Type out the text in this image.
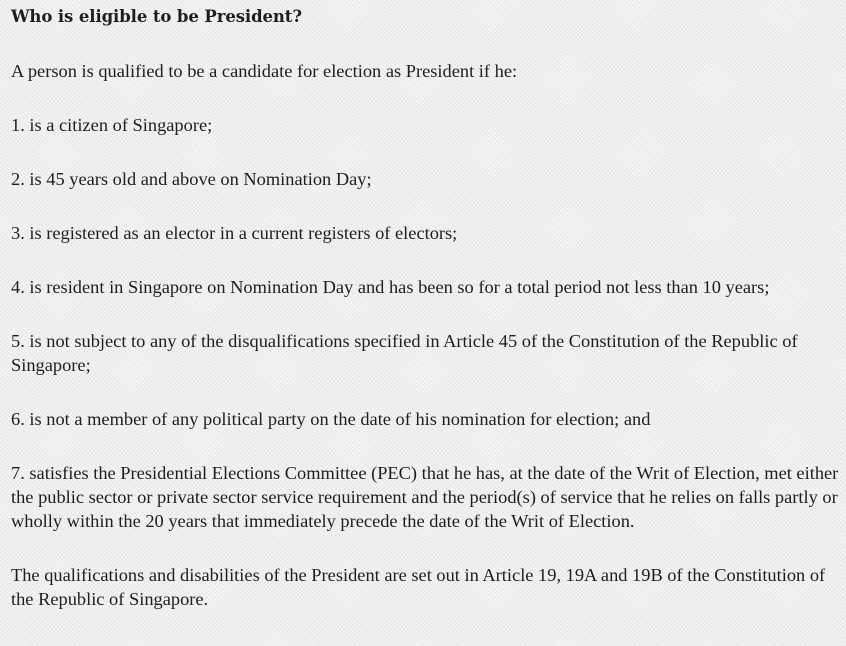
Who is eligible to be President?

A person is qualified to be a candidate for election as President if he:

1. is a citizen of Singapore;

2. is 45 years old and above on Nomination Day;

3. is registered as an elector in a current registers of electors;

4. is resident in Singapore on Nomination Day and has been so for a total period not less than 10 years;

5. is not subject to any of the disqualifications specified in Article 45 of the Constitution of the Republic of Singapore;

6. is not a member of any political party on the date of his nomination for election; and

7. satisfies the Presidential Elections Committee (PEC) that he has, at the date of the Writ of Election, met either the public sector or private sector service requirement and the period(s) of service that he relies on falls partly or wholly within the 20 years that immediately precede the date of the Writ of Election.

The qualifications and disabilities of the President are set out in Article 19, 19A and 19B of the Constitution of the Republic of Singapore.
